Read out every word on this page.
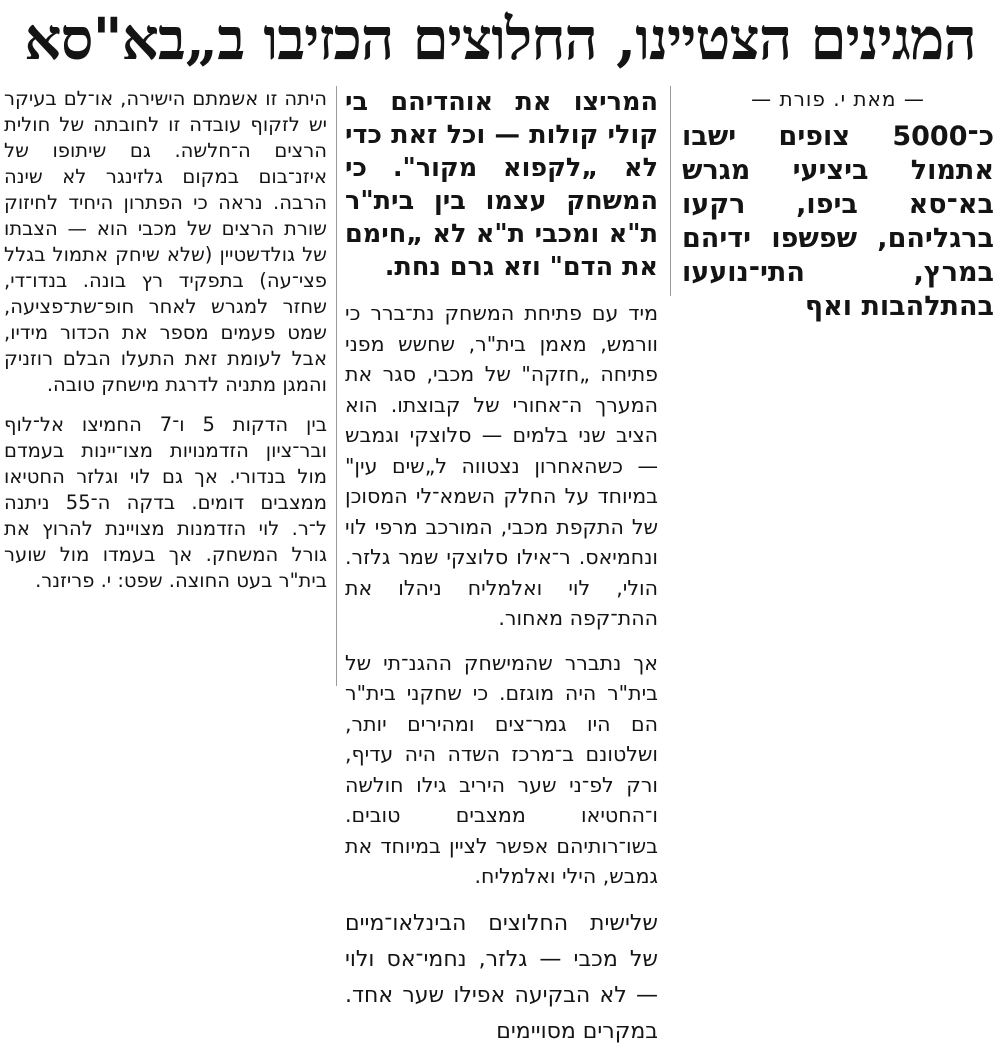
המגינים הצטיינו, החלוצים הכזיבו ב„בא"סא

— מאת י. פורת —

כ־5000 צופים ישבו אתמול ביציעי מגרש בא־סא ביפו, רקעו ברגליהם, שפשפו ידיהם במרץ, התי־נועעו בהתלהבות ואף

המריצו את אוהדיהם בי קולי קולות — וכל זאת כדי לא „לקפוא מקור". כי המשחק עצמו בין בית"ר ת"א ומכבי ת"א לא „חימם את הדם" וזא גרם נחת.

מיד עם פתיחת המשחק נת־ברר כי וורמש, מאמן בית"ר, שחשש מפני פתיחה „חזקה" של מכבי, סגר את המערך ה־אחורי של קבוצתו. הוא הציב שני בלמים — סלוצקי וגמבש — כשהאחרון נצטווה ל„שים עין" במיוחד על החלק השמא־לי המסוכן של התקפת מכבי, המורכב מרפי לוי ונחמיאס. ר־אילו סלוצקי שמר גלזר. הולי, לוי ואלמליח ניהלו את ההת־קפה מאחור.

אך נתברר שהמישחק ההגנ־תי של בית"ר היה מוגזם. כי שחקני בית"ר הם היו גמר־צים ומהירים יותר, ושלטונם ב־מרכז השדה היה עדיף, ורק לפ־ני שער היריב גילו חולשה ו־החטיאו ממצבים טובים. בשו־רותיהם אפשר לציין במיוחד את גמבש, הילי ואלמליח.

שלישית החלוצים הבינלאו־מיים של מכבי — גלזר, נחמי־אס ולוי — לא הבקיעה אפילו שער אחד. במקרים מסויימים

היתה זו אשמתם הישירה, או־לם בעיקר יש לזקוף עובדה זו לחובתה של חולית הרצים ה־חלשה. גם שיתופו של איזנ־בום במקום גלזינגר לא שינה הרבה. נראה כי הפתרון היחיד לחיזוק שורת הרצים של מכבי הוא — הצבתו של גולדשטיין (שלא שיחק אתמול בגלל פצי־עה) בתפקיד רץ בונה. בנדו־די, שחזר למגרש לאחר חופ־שת־פציעה, שמט פעמים מספר את הכדור מידיו, אבל לעומת זאת התעלו הבלם רוזניק והמגן מתניה לדרגת מישחק טובה.

בין הדקות 5 ו־7 החמיצו אל־לוף ובר־ציון הזדמנויות מצו־יינות בעמדם מול בנדורי. אך גם לוי וגלזר החטיאו ממצבים דומים. בדקה ה־55 ניתנה ל־ר. לוי הזדמנות מצויינת להרוץ את גורל המשחק. אך בעמדו מול שוער בית"ר בעט החוצה. שפט: י. פריזנר.
